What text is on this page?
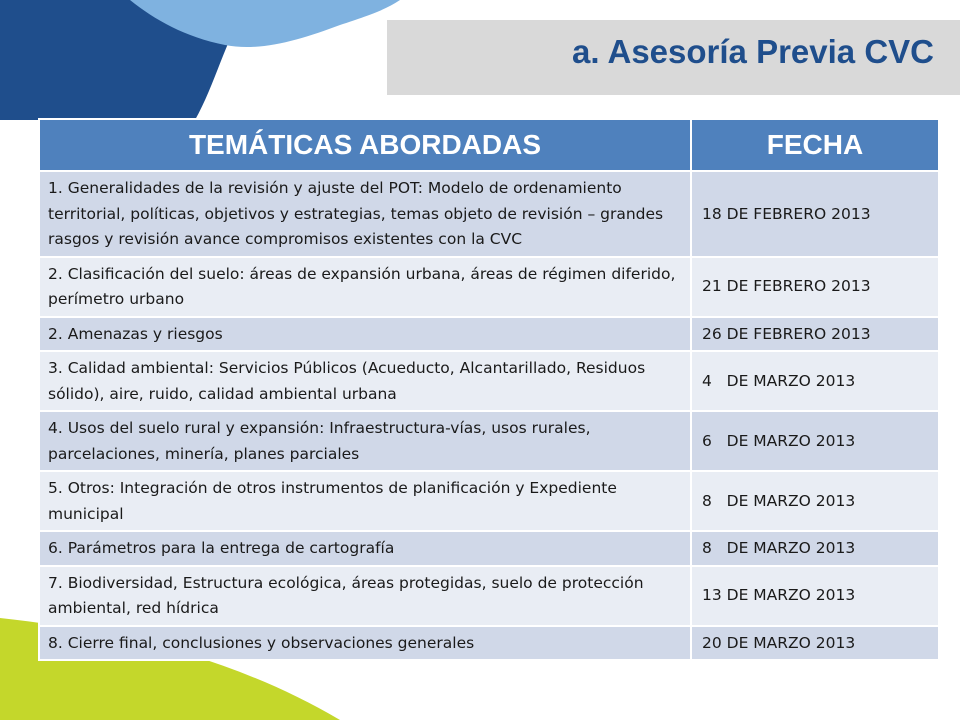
a. Asesoría Previa CVC
TEMÁTICAS ABORDADAS	FECHA
1. Generalidades de la revisión y ajuste del POT: Modelo de ordenamiento territorial, políticas, objetivos y estrategias, temas objeto de revisión – grandes rasgos y revisión avance compromisos existentes con la CVC	18 DE FEBRERO 2013
2. Clasificación del suelo: áreas de expansión urbana, áreas de régimen diferido, perímetro urbano	21 DE FEBRERO 2013
2. Amenazas y riesgos	26 DE FEBRERO 2013
3. Calidad ambiental: Servicios Públicos (Acueducto, Alcantarillado, Residuos sólido), aire, ruido, calidad ambiental urbana	4   DE MARZO 2013
4. Usos del suelo rural y expansión: Infraestructura-vías, usos rurales, parcelaciones, minería, planes parciales	6   DE MARZO 2013
5. Otros: Integración de otros instrumentos de planificación y Expediente municipal	8   DE MARZO 2013
6. Parámetros para la entrega de cartografía	8   DE MARZO 2013
7. Biodiversidad, Estructura ecológica, áreas protegidas, suelo de protección ambiental, red hídrica	13 DE MARZO 2013
8. Cierre final, conclusiones y observaciones generales	20 DE MARZO 2013
